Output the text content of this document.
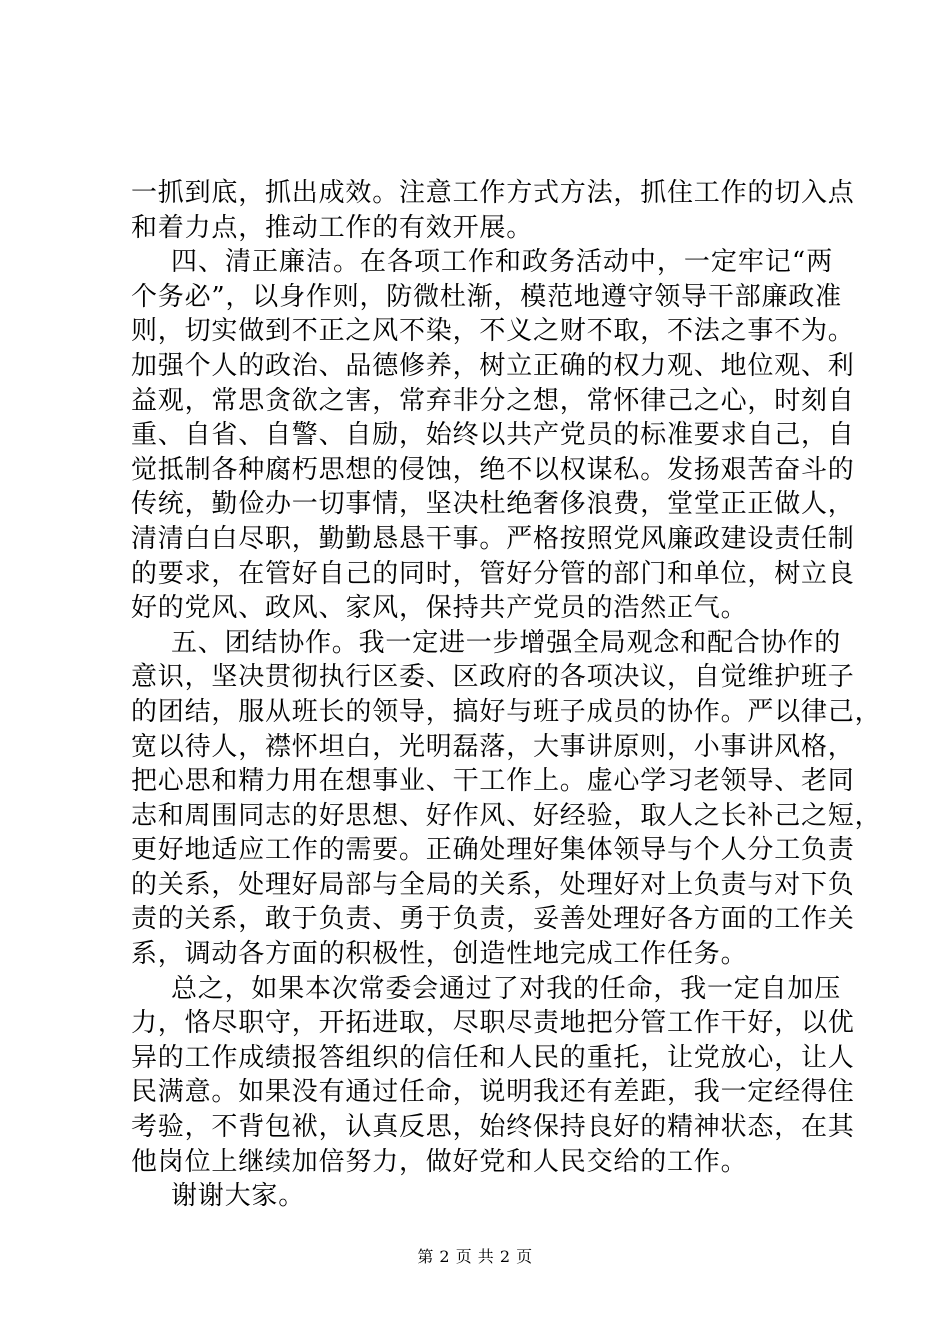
一抓到底，抓出成效。注意工作方式方法，抓住工作的切入点
和着力点，推动工作的有效开展。
四、清正廉洁。在各项工作和政务活动中，一定牢记“两
个务必”，以身作则，防微杜渐，模范地遵守领导干部廉政准
则，切实做到不正之风不染，不义之财不取，不法之事不为。
加强个人的政治、品德修养，树立正确的权力观、地位观、利
益观，常思贪欲之害，常弃非分之想，常怀律己之心，时刻自
重、自省、自警、自励，始终以共产党员的标准要求自己，自
觉抵制各种腐朽思想的侵蚀，绝不以权谋私。发扬艰苦奋斗的
传统，勤俭办一切事情，坚决杜绝奢侈浪费，堂堂正正做人，
清清白白尽职，勤勤恳恳干事。严格按照党风廉政建设责任制
的要求，在管好自己的同时，管好分管的部门和单位，树立良
好的党风、政风、家风，保持共产党员的浩然正气。
五、团结协作。我一定进一步增强全局观念和配合协作的
意识，坚决贯彻执行区委、区政府的各项决议，自觉维护班子
的团结，服从班长的领导，搞好与班子成员的协作。严以律己，
宽以待人，襟怀坦白，光明磊落，大事讲原则，小事讲风格，
把心思和精力用在想事业、干工作上。虚心学习老领导、老同
志和周围同志的好思想、好作风、好经验，取人之长补己之短，
更好地适应工作的需要。正确处理好集体领导与个人分工负责
的关系，处理好局部与全局的关系，处理好对上负责与对下负
责的关系，敢于负责、勇于负责，妥善处理好各方面的工作关
系，调动各方面的积极性，创造性地完成工作任务。
总之，如果本次常委会通过了对我的任命，我一定自加压
力，恪尽职守，开拓进取，尽职尽责地把分管工作干好，以优
异的工作成绩报答组织的信任和人民的重托，让党放心，让人
民满意。如果没有通过任命，说明我还有差距，我一定经得住
考验，不背包袱，认真反思，始终保持良好的精神状态，在其
他岗位上继续加倍努力，做好党和人民交给的工作。
谢谢大家。
第 2 页 共 2 页
